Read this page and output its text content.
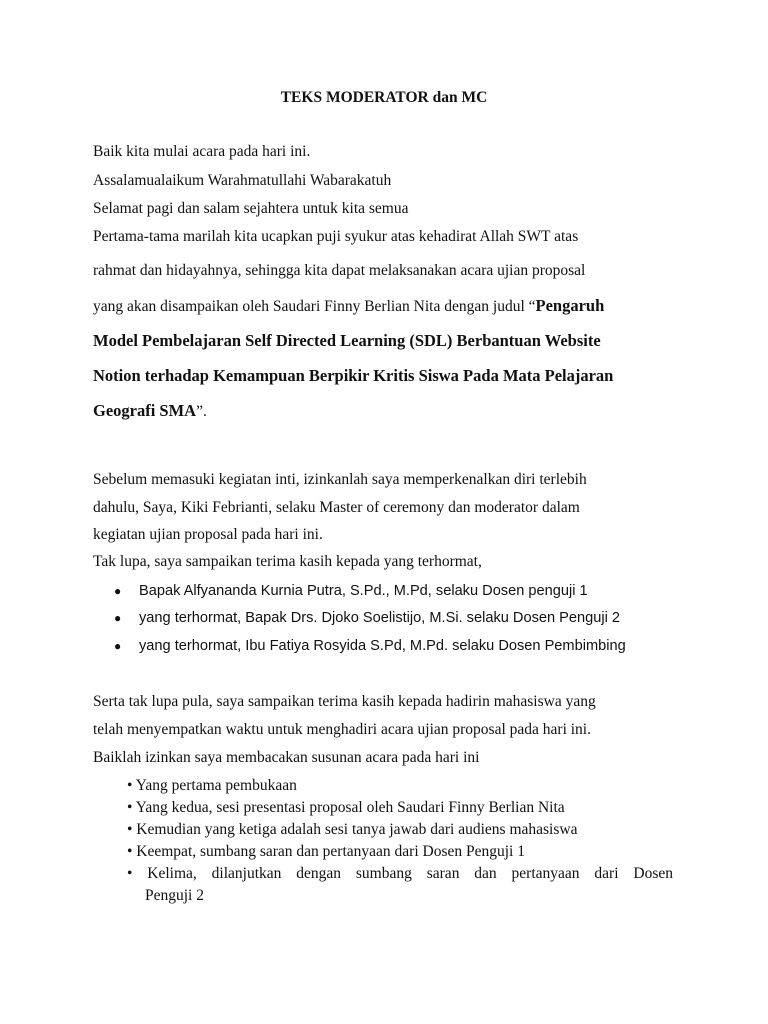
TEKS MODERATOR dan MC
Baik kita mulai acara pada hari ini.
Assalamualaikum Warahmatullahi Wabarakatuh
Selamat pagi dan salam sejahtera untuk kita semua
Pertama-tama marilah kita ucapkan puji syukur atas kehadirat Allah SWT atas
rahmat dan hidayahnya, sehingga kita dapat melaksanakan acara ujian proposal
yang akan disampaikan oleh Saudari Finny Berlian Nita dengan judul “Pengaruh
Model Pembelajaran Self Directed Learning (SDL) Berbantuan Website
Notion terhadap Kemampuan Berpikir Kritis Siswa Pada Mata Pelajaran
Geografi SMA”.
Sebelum memasuki kegiatan inti, izinkanlah saya memperkenalkan diri terlebih
dahulu, Saya, Kiki Febrianti, selaku Master of ceremony dan moderator dalam
kegiatan ujian proposal pada hari ini.
Tak lupa, saya sampaikan terima kasih kepada yang terhormat,
● Bapak Alfyananda Kurnia Putra, S.Pd., M.Pd, selaku Dosen penguji 1
● yang terhormat, Bapak Drs. Djoko Soelistijo, M.Si. selaku Dosen Penguji 2
● yang terhormat, Ibu Fatiya Rosyida S.Pd, M.Pd. selaku Dosen Pembimbing
Serta tak lupa pula, saya sampaikan terima kasih kepada hadirin mahasiswa yang
telah menyempatkan waktu untuk menghadiri acara ujian proposal pada hari ini.
Baiklah izinkan saya membacakan susunan acara pada hari ini
• Yang pertama pembukaan
• Yang kedua, sesi presentasi proposal oleh Saudari Finny Berlian Nita
• Kemudian yang ketiga adalah sesi tanya jawab dari audiens mahasiswa
• Keempat, sumbang saran dan pertanyaan dari Dosen Penguji 1
• Kelima, dilanjutkan dengan sumbang saran dan pertanyaan dari Dosen
Penguji 2
